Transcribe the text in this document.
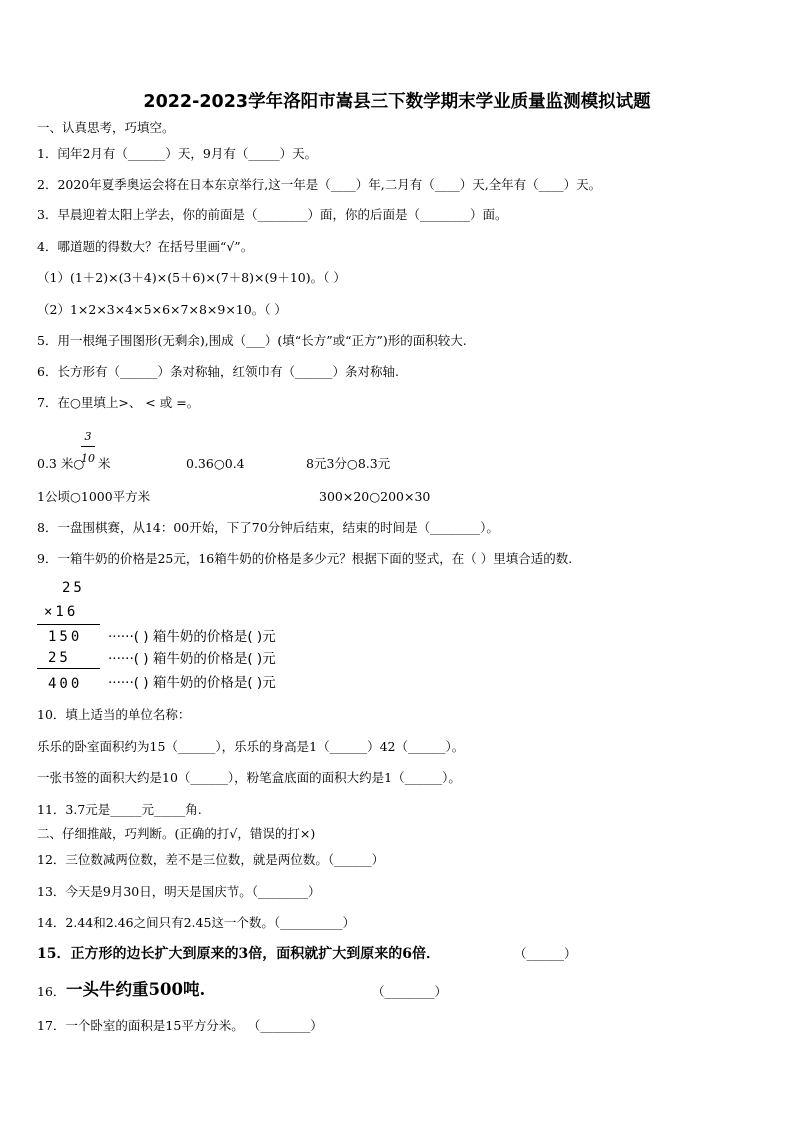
2022-2023学年洛阳市嵩县三下数学期末学业质量监测模拟试题
一、认真思考，巧填空。
1．闰年2月有（______）天，9月有（_____）天。
2．2020年夏季奥运会将在日本东京举行,这一年是（____）年,二月有（____）天,全年有（____）天。
3．早晨迎着太阳上学去，你的前面是（________）面，你的后面是（________）面。
4．哪道题的得数大？在括号里画“√”。
（1）(1＋2)×(3＋4)×(5＋6)×(7＋8)×(9＋10)。（ ）
（2）1×2×3×4×5×6×7×8×9×10。（ ）
5．用一根绳子围图形(无剩余),围成（___）(填“长方”或“正方”)形的面积较大.
6．长方形有（______）条对称轴，红领巾有（______）条对称轴.
7．在○里填上>、 < 或 =。
3
10
0.3 米○ 米	0.36○0.4	8元3分○8.3元
1公顷○1000平方米	300×20○200×30
8．一盘围棋赛，从14：00开始，下了70分钟后结束，结束的时间是（________）。
9．一箱牛奶的价格是25元，16箱牛奶的价格是多少元？根据下面的竖式，在（ ）里填合适的数.
25
×16
150
25
400
······( ) 箱牛奶的价格是( )元
······( ) 箱牛奶的价格是( )元
······( ) 箱牛奶的价格是( )元
10．填上适当的单位名称：
乐乐的卧室面积约为15（______），乐乐的身高是1（______）42（______）。
一张书签的面积大约是10（______），粉笔盒底面的面积大约是1（______）。
11．3.7元是_____元_____角.
二、仔细推敲，巧判断。(正确的打√，错误的打×)
12．三位数减两位数，差不是三位数，就是两位数。（______）
13．今天是9月30日，明天是国庆节。（________）
14．2.44和2.46之间只有2.45这一个数。（__________）
15．正方形的边长扩大到原来的3倍，面积就扩大到原来的6倍．	（______）
16． 一头牛约重500吨.	（________）
17．一个卧室的面积是15平方分米。 （________）
